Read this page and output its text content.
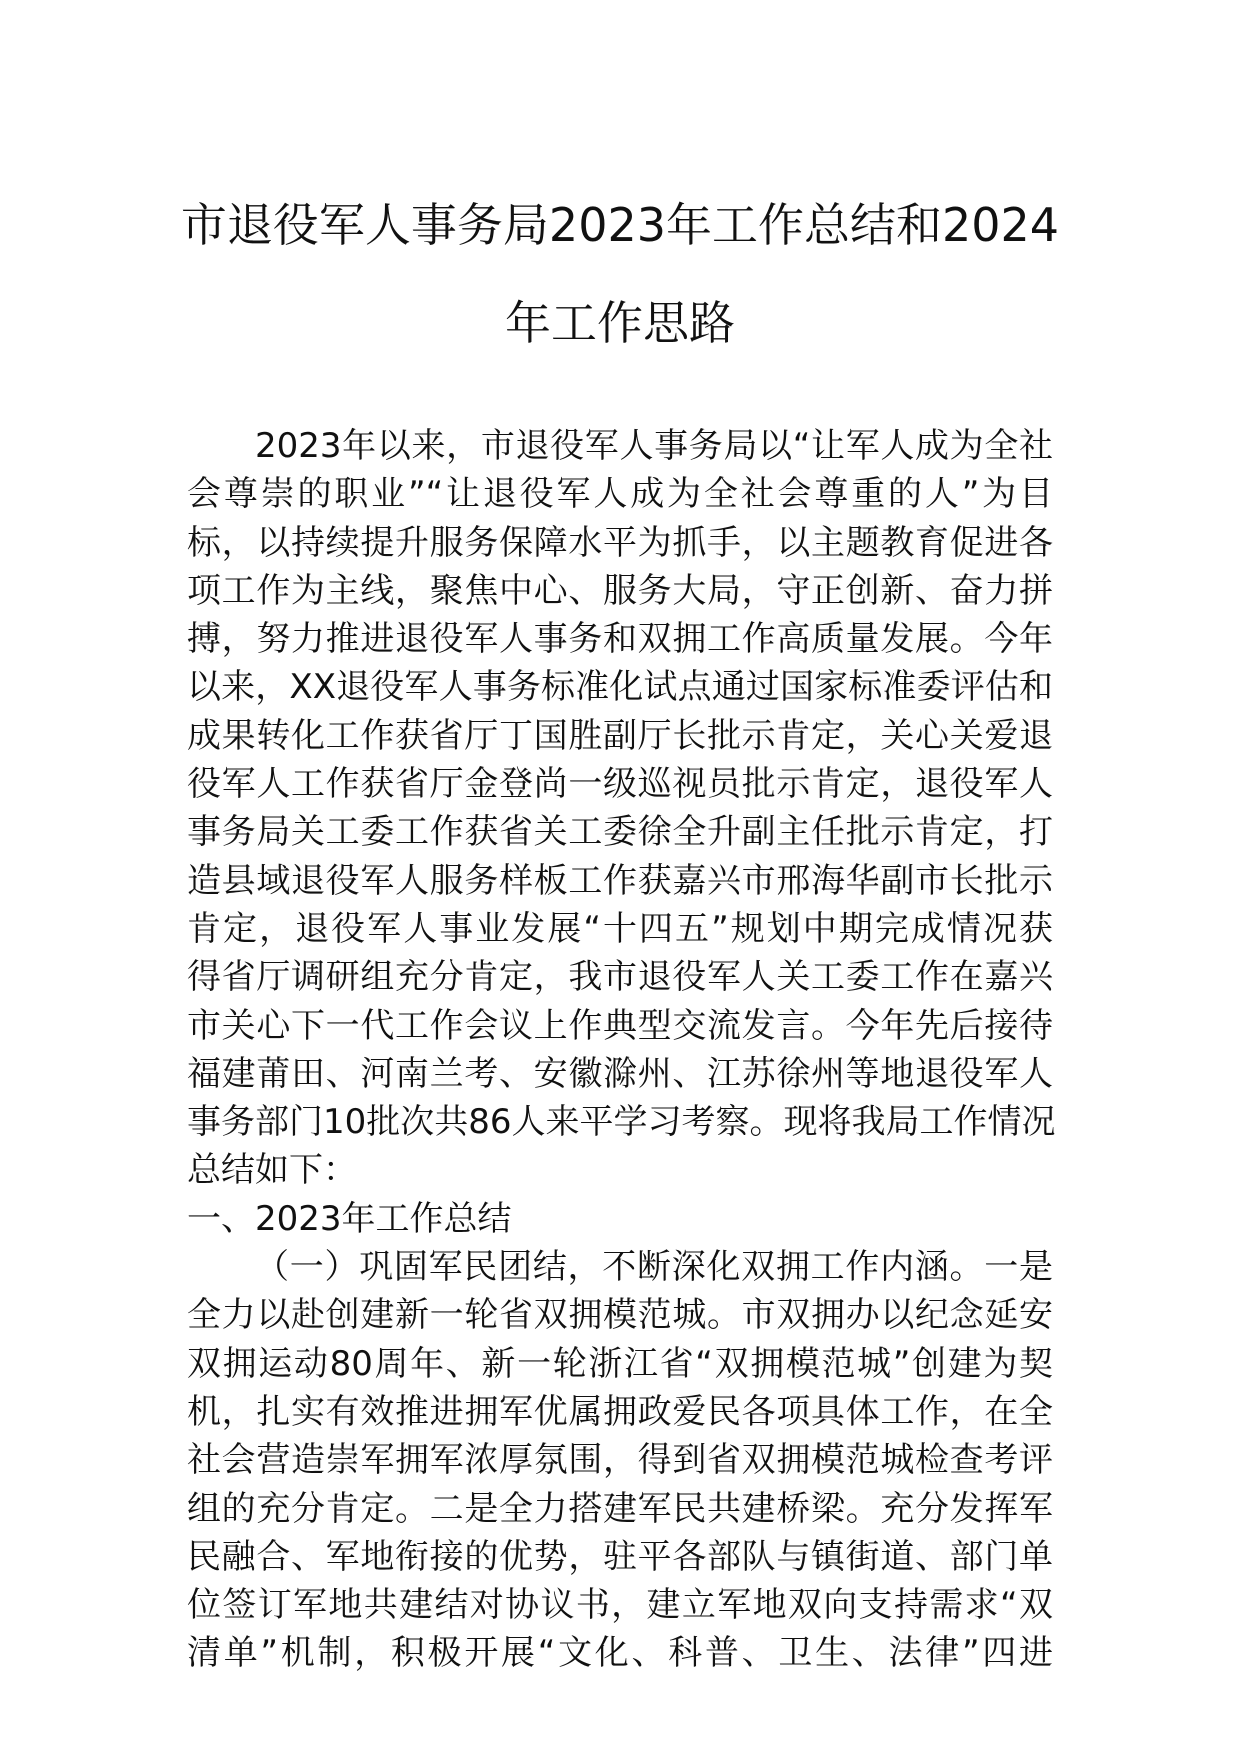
市退役军人事务局2023年工作总结和2024
年工作思路

2023年以来，市退役军人事务局以“让军人成为全社
会尊崇的职业”“让退役军人成为全社会尊重的人”为目
标，以持续提升服务保障水平为抓手，以主题教育促进各
项工作为主线，聚焦中心、服务大局，守正创新、奋力拼
搏，努力推进退役军人事务和双拥工作高质量发展。今年
以来，XX退役军人事务标准化试点通过国家标准委评估和
成果转化工作获省厅丁国胜副厅长批示肯定，关心关爱退
役军人工作获省厅金登尚一级巡视员批示肯定，退役军人
事务局关工委工作获省关工委徐全升副主任批示肯定，打
造县域退役军人服务样板工作获嘉兴市邢海华副市长批示
肯定，退役军人事业发展“十四五”规划中期完成情况获
得省厅调研组充分肯定，我市退役军人关工委工作在嘉兴
市关心下一代工作会议上作典型交流发言。今年先后接待
福建莆田、河南兰考、安徽滁州、江苏徐州等地退役军人
事务部门10批次共86人来平学习考察。现将我局工作情况
总结如下：

一、2023年工作总结

（一）巩固军民团结，不断深化双拥工作内涵。一是
全力以赴创建新一轮省双拥模范城。市双拥办以纪念延安
双拥运动80周年、新一轮浙江省“双拥模范城”创建为契
机，扎实有效推进拥军优属拥政爱民各项具体工作，在全
社会营造崇军拥军浓厚氛围，得到省双拥模范城检查考评
组的充分肯定。二是全力搭建军民共建桥梁。充分发挥军
民融合、军地衔接的优势，驻平各部队与镇街道、部门单
位签订军地共建结对协议书，建立军地双向支持需求“双
清单”机制，积极开展“文化、科普、卫生、法律”四进
